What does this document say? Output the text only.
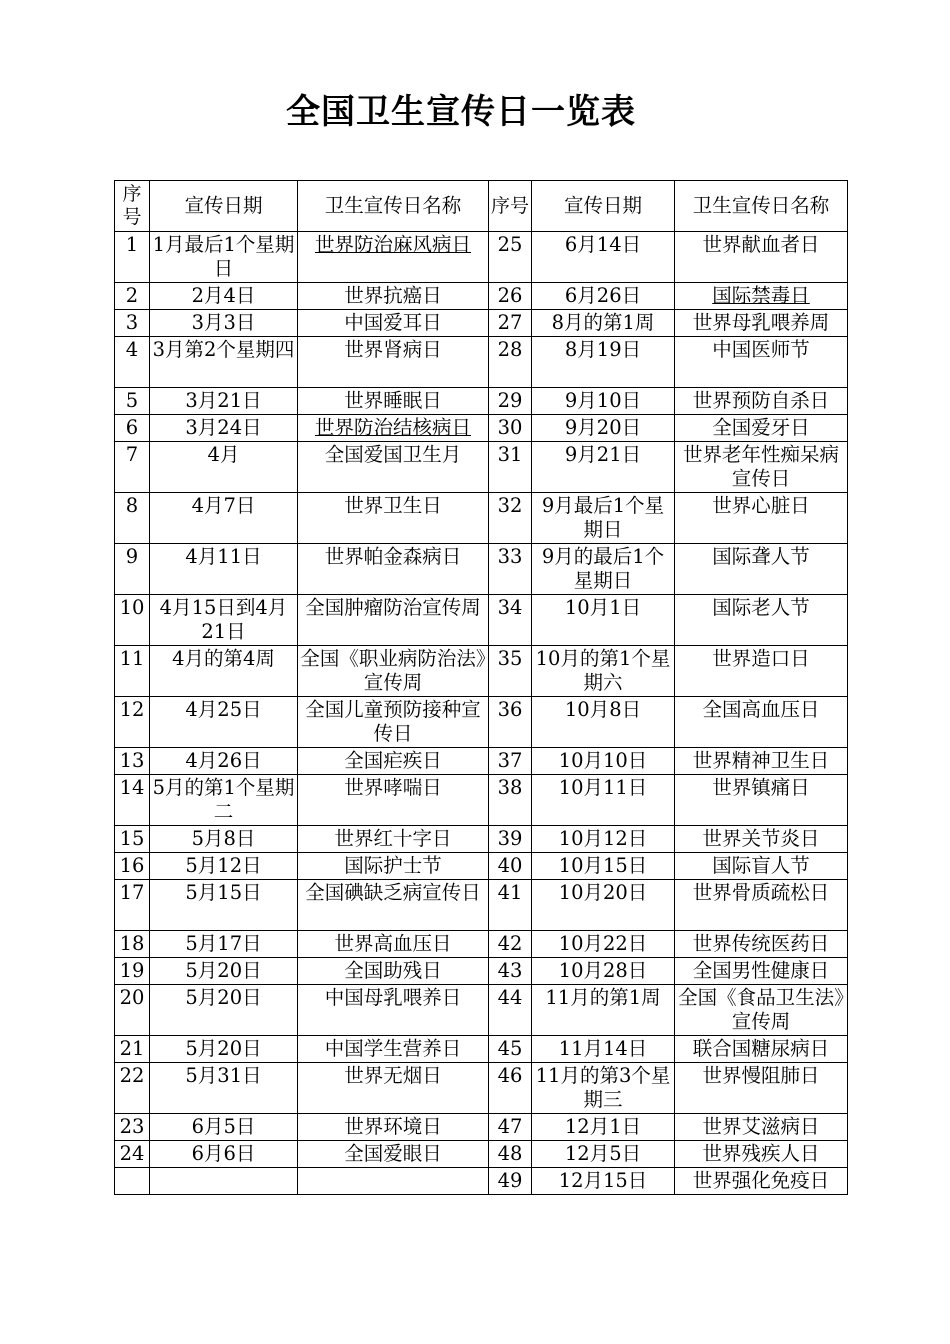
全国卫生宣传日一览表
序号	宣传日期	卫生宣传日名称	序号	宣传日期	卫生宣传日名称
1	1月最后1个星期日	世界防治麻风病日	25	6月14日	世界献血者日
2	2月4日	世界抗癌日	26	6月26日	国际禁毒日
3	3月3日	中国爱耳日	27	8月的第1周	世界母乳喂养周
4	3月第2个星期四	世界肾病日	28	8月19日	中国医师节
5	3月21日	世界睡眠日	29	9月10日	世界预防自杀日
6	3月24日	世界防治结核病日	30	9月20日	全国爱牙日
7	4月	全国爱国卫生月	31	9月21日	世界老年性痴呆病宣传日
8	4月7日	世界卫生日	32	9月最后1个星期日	世界心脏日
9	4月11日	世界帕金森病日	33	9月的最后1个星期日	国际聋人节
10	4月15日到4月21日	全国肿瘤防治宣传周	34	10月1日	国际老人节
11	4月的第4周	全国《职业病防治法》宣传周	35	10月的第1个星期六	世界造口日
12	4月25日	全国儿童预防接种宣传日	36	10月8日	全国高血压日
13	4月26日	全国疟疾日	37	10月10日	世界精神卫生日
14	5月的第1个星期二	世界哮喘日	38	10月11日	世界镇痛日
15	5月8日	世界红十字日	39	10月12日	世界关节炎日
16	5月12日	国际护士节	40	10月15日	国际盲人节
17	5月15日	全国碘缺乏病宣传日	41	10月20日	世界骨质疏松日
18	5月17日	世界高血压日	42	10月22日	世界传统医药日
19	5月20日	全国助残日	43	10月28日	全国男性健康日
20	5月20日	中国母乳喂养日	44	11月的第1周	全国《食品卫生法》宣传周
21	5月20日	中国学生营养日	45	11月14日	联合国糖尿病日
22	5月31日	世界无烟日	46	11月的第3个星期三	世界慢阻肺日
23	6月5日	世界环境日	47	12月1日	世界艾滋病日
24	6月6日	全国爱眼日	48	12月5日	世界残疾人日
			49	12月15日	世界强化免疫日
